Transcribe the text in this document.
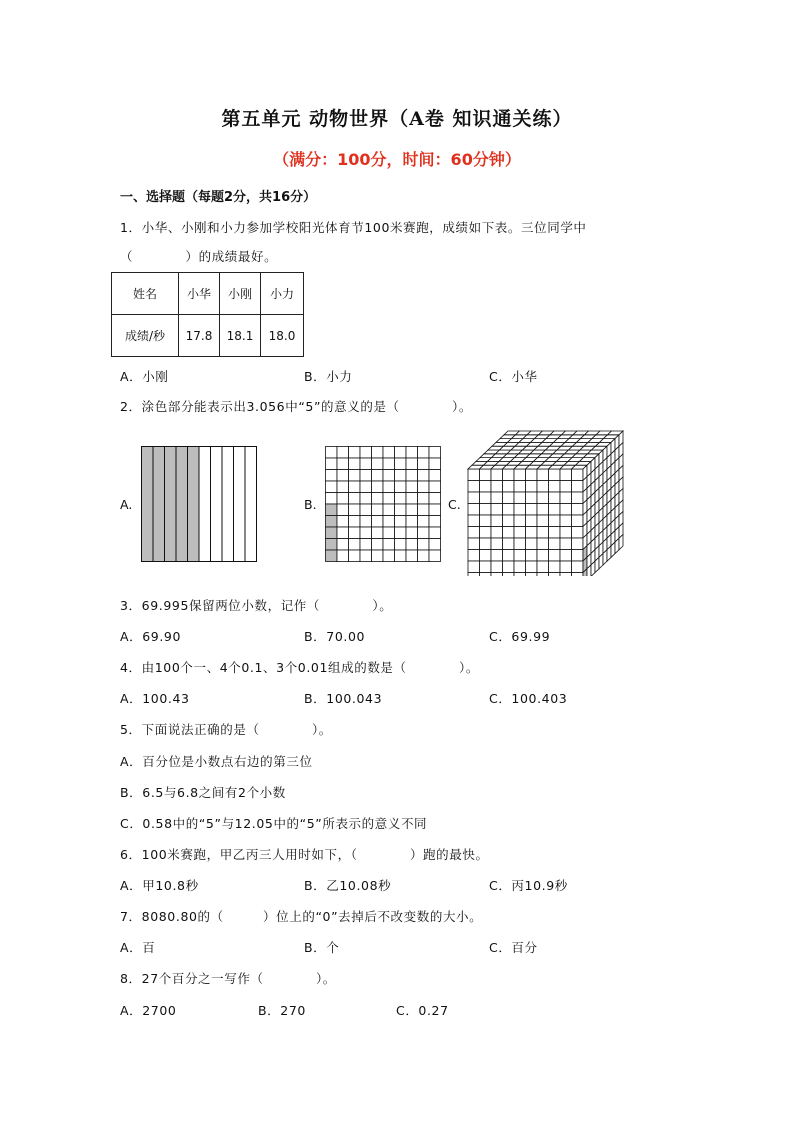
第五单元 动物世界（A卷 知识通关练）
（满分：100分，时间：60分钟）
一、选择题（每题2分，共16分）
1．小华、小刚和小力参加学校阳光体育节100米赛跑，成绩如下表。三位同学中
（　　　　）的成绩最好。
姓名	小华	小刚	小力
成绩/秒	17.8	18.1	18.0
A．小刚	B．小力	C．小华
2．涂色部分能表示出3.056中“5”的意义的是（　　　　）。
A.	B.	C.
3．69.995保留两位小数，记作（　　　　）。
A．69.90	B．70.00	C．69.99
4．由100个一、4个0.1、3个0.01组成的数是（　　　　）。
A．100.43	B．100.043	C．100.403
5．下面说法正确的是（　　　　）。
A．百分位是小数点右边的第三位
B．6.5与6.8之间有2个小数
C．0.58中的“5”与12.05中的“5”所表示的意义不同
6．100米赛跑，甲乙丙三人用时如下，（　　　　）跑的最快。
A．甲10.8秒	B．乙10.08秒	C．丙10.9秒
7．8080.80的（　　　）位上的“0”去掉后不改变数的大小。
A．百	B．个	C．百分
8．27个百分之一写作（　　　　）。
A．2700	B．270	C．0.27
